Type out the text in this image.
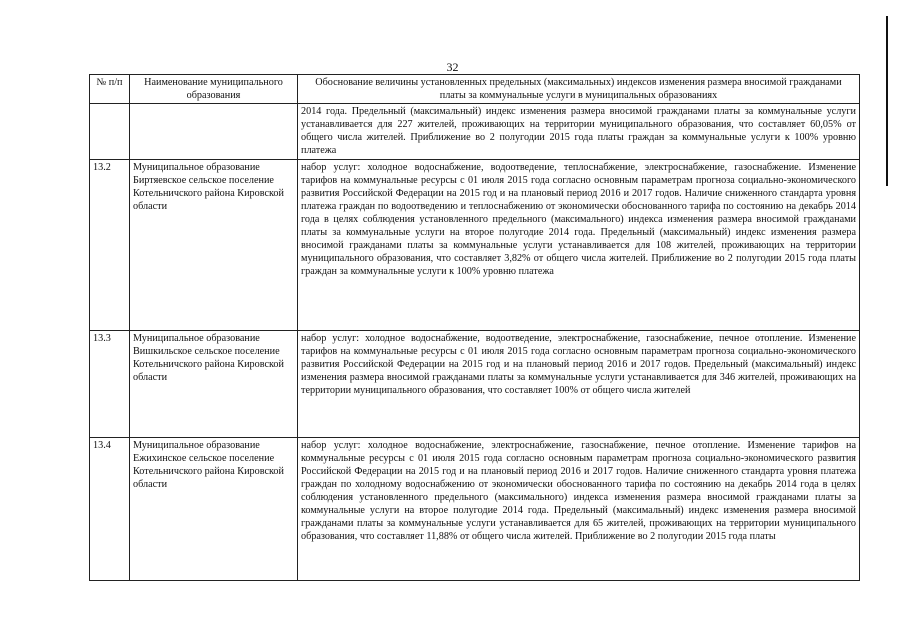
32
№ п/п	Наименование муниципального образования	Обоснование величины установленных предельных (максимальных) индексов изменения размера вносимой гражданами платы за коммунальные услуги в муниципальных образованиях
		2014 года. Предельный (максимальный) индекс изменения размера вносимой гражданами платы за коммунальные услуги устанавливается для 227 жителей, проживающих на территории муниципального образования, что составляет 60,05% от общего числа жителей. Приближение во 2 полугодии 2015 года платы граждан за коммунальные услуги к 100% уровню платежа
13.2	Муниципальное образование Биртяевское сельское поселение Котельничского района Кировской области	набор услуг: холодное водоснабжение, водоотведение, теплоснабжение, электроснабжение, газоснабжение. Изменение тарифов на коммунальные ресурсы с 01 июля 2015 года согласно основным параметрам прогноза социально-экономического развития Российской Федерации на 2015 год и на плановый период 2016 и 2017 годов. Наличие сниженного стандарта уровня платежа граждан по водоотведению и теплоснабжению от экономически обоснованного тарифа по состоянию на декабрь 2014 года в целях соблюдения установленного предельного (максимального) индекса изменения размера вносимой гражданами платы за коммунальные услуги на второе полугодие 2014 года. Предельный (максимальный) индекс изменения размера вносимой гражданами платы за коммунальные услуги устанавливается для 108 жителей, проживающих на территории муниципального образования, что составляет 3,82% от общего числа жителей. Приближение во 2 полугодии 2015 года платы граждан за коммунальные услуги к 100% уровню платежа
13.3	Муниципальное образование Вишкильское сельское поселение Котельничского района Кировской области	набор услуг: холодное водоснабжение, водоотведение, электроснабжение, газоснабжение, печное отопление. Изменение тарифов на коммунальные ресурсы с 01 июля 2015 года согласно основным параметрам прогноза социально-экономического развития Российской Федерации на 2015 год и на плановый период 2016 и 2017 годов. Предельный (максимальный) индекс изменения размера вносимой гражданами платы за коммунальные услуги устанавливается для 346 жителей, проживающих на территории муниципального образования, что составляет 100% от общего числа жителей
13.4	Муниципальное образование Ежихинское сельское поселение Котельничского района Кировской области	набор услуг: холодное водоснабжение, электроснабжение, газоснабжение, печное отопление. Изменение тарифов на коммунальные ресурсы с 01 июля 2015 года согласно основным параметрам прогноза социально-экономического развития Российской Федерации на 2015 год и на плановый период 2016 и 2017 годов. Наличие сниженного стандарта уровня платежа граждан по холодному водоснабжению от экономически обоснованного тарифа по состоянию на декабрь 2014 года в целях соблюдения установленного предельного (максимального) индекса изменения размера вносимой гражданами платы за коммунальные услуги на второе полугодие 2014 года. Предельный (максимальный) индекс изменения размера вносимой гражданами платы за коммунальные услуги устанавливается для 65 жителей, проживающих на территории муниципального образования, что составляет 11,88% от общего числа жителей. Приближение во 2 полугодии 2015 года платы
